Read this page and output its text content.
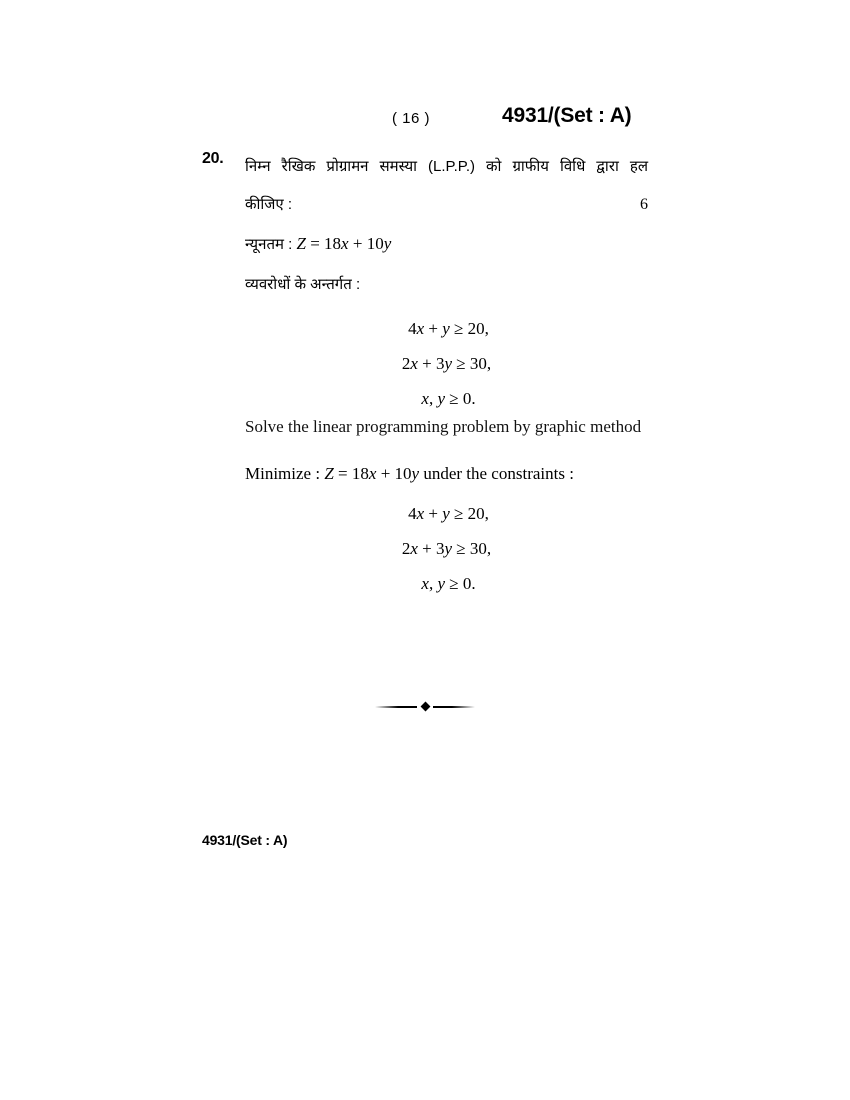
( 16 )	4931/(Set : A)
20.	निम्न रैखिक प्रोग्रामन समस्या (L.P.P.) को ग्राफीय विधि द्वारा हल
कीजिए :	6
न्यूनतम : Z = 18x + 10y
व्यवरोधों के अन्तर्गत :
4x + y ≥ 20,
2x + 3y ≥ 30,
x, y ≥ 0.
Solve the linear programming problem by graphic method
Minimize : Z = 18x + 10y under the constraints :
4x + y ≥ 20,
2x + 3y ≥ 30,
x, y ≥ 0.
4931/(Set : A)
